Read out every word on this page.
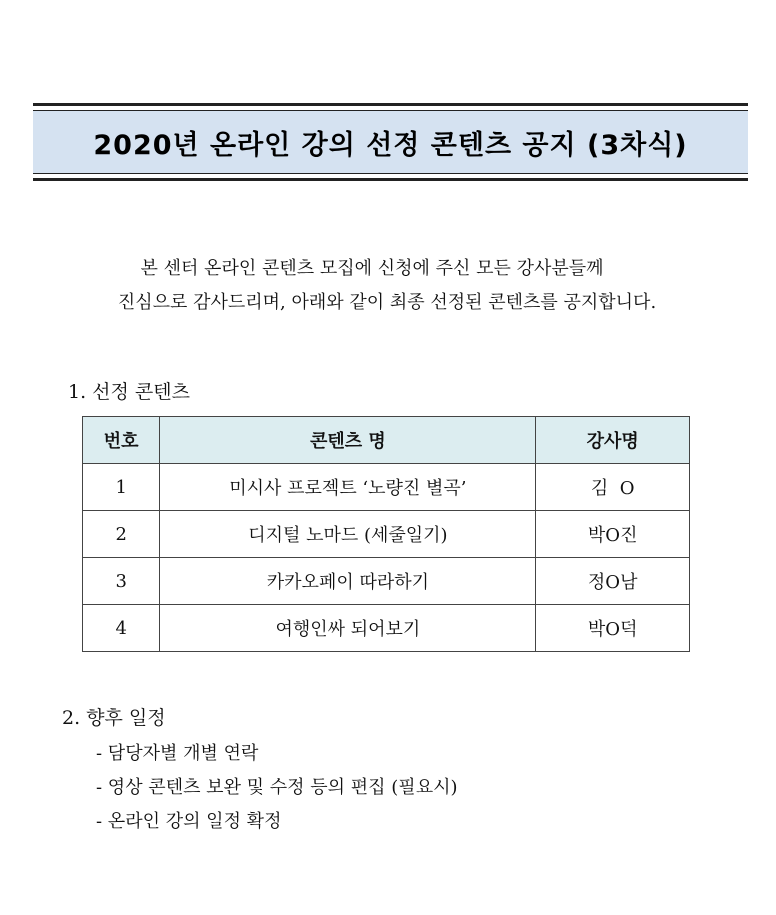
2020년 온라인 강의 선정 콘텐츠 공지 (3차식)
본 센터 온라인 콘텐츠 모집에 신청에 주신 모든 강사분들께
진심으로 감사드리며, 아래와 같이 최종 선정된 콘텐츠를 공지합니다.
1. 선정 콘텐츠
번호	콘텐츠 명	강사명
1	미시사 프로젝트 ‘노량진 별곡’	김  O
2	디지털 노마드 (세줄일기)	박O진
3	카카오페이 따라하기	정O남
4	여행인싸 되어보기	박O덕
2. 향후 일정
- 담당자별 개별 연락
- 영상 콘텐츠 보완 및 수정 등의 편집 (필요시)
- 온라인 강의 일정 확정
